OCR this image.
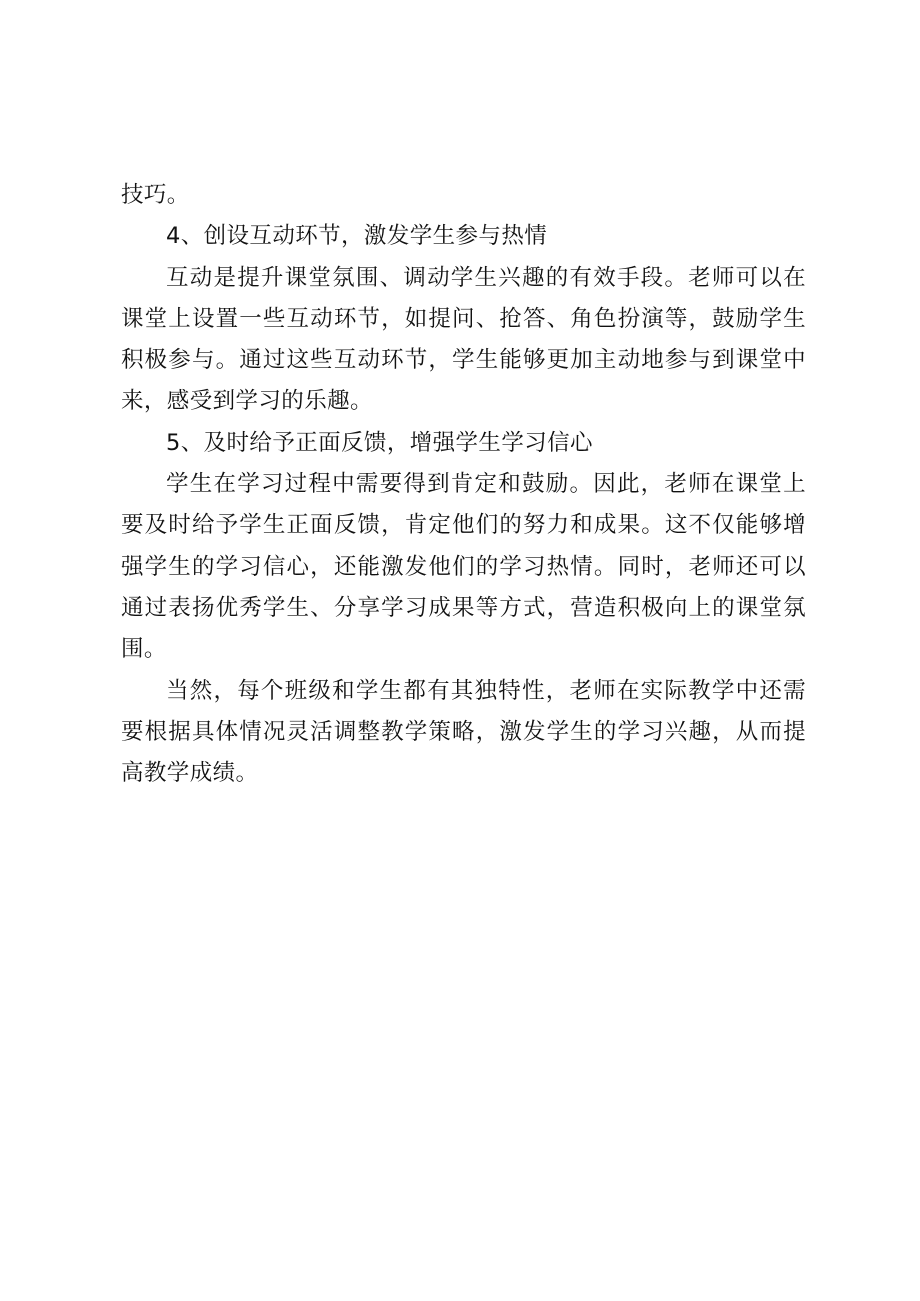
技巧。

4、创设互动环节，激发学生参与热情

互动是提升课堂氛围、调动学生兴趣的有效手段。老师可以在课堂上设置一些互动环节，如提问、抢答、角色扮演等，鼓励学生积极参与。通过这些互动环节，学生能够更加主动地参与到课堂中来，感受到学习的乐趣。

5、及时给予正面反馈，增强学生学习信心

学生在学习过程中需要得到肯定和鼓励。因此，老师在课堂上要及时给予学生正面反馈，肯定他们的努力和成果。这不仅能够增强学生的学习信心，还能激发他们的学习热情。同时，老师还可以通过表扬优秀学生、分享学习成果等方式，营造积极向上的课堂氛围。

当然，每个班级和学生都有其独特性，老师在实际教学中还需要根据具体情况灵活调整教学策略，激发学生的学习兴趣，从而提高教学成绩。
